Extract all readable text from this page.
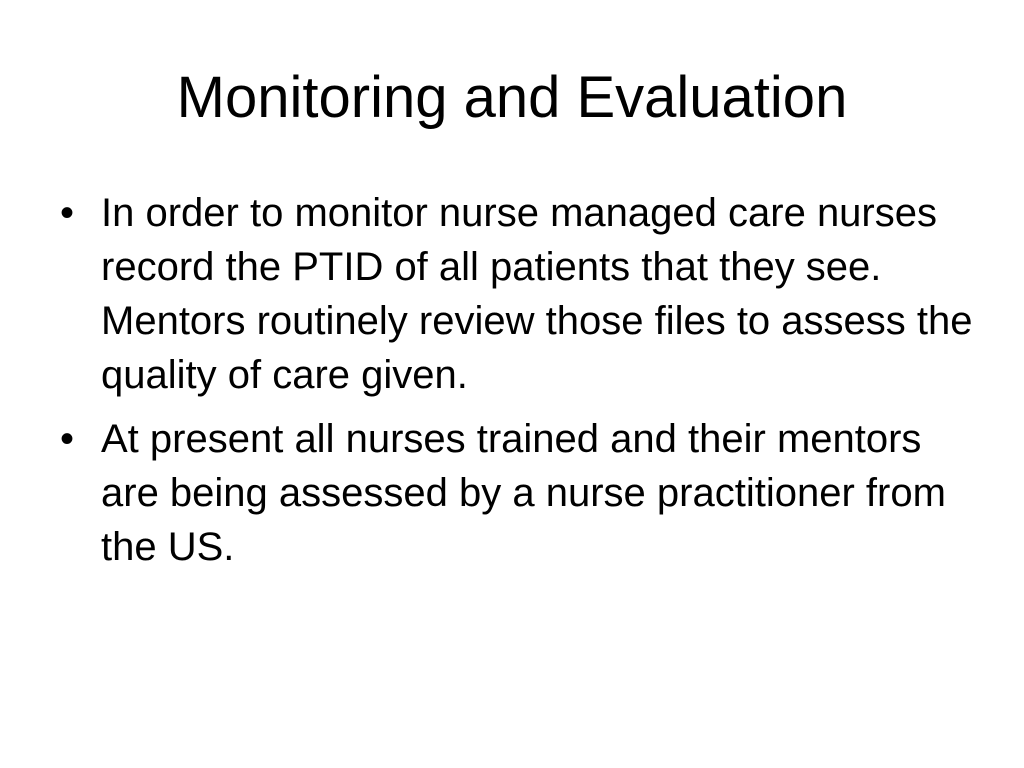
Monitoring and Evaluation
• In order to monitor nurse managed care nurses record the PTID of all patients that they see. Mentors routinely review those files to assess the quality of care given.
• At present all nurses trained and their mentors are being assessed by a nurse practitioner from the US.
